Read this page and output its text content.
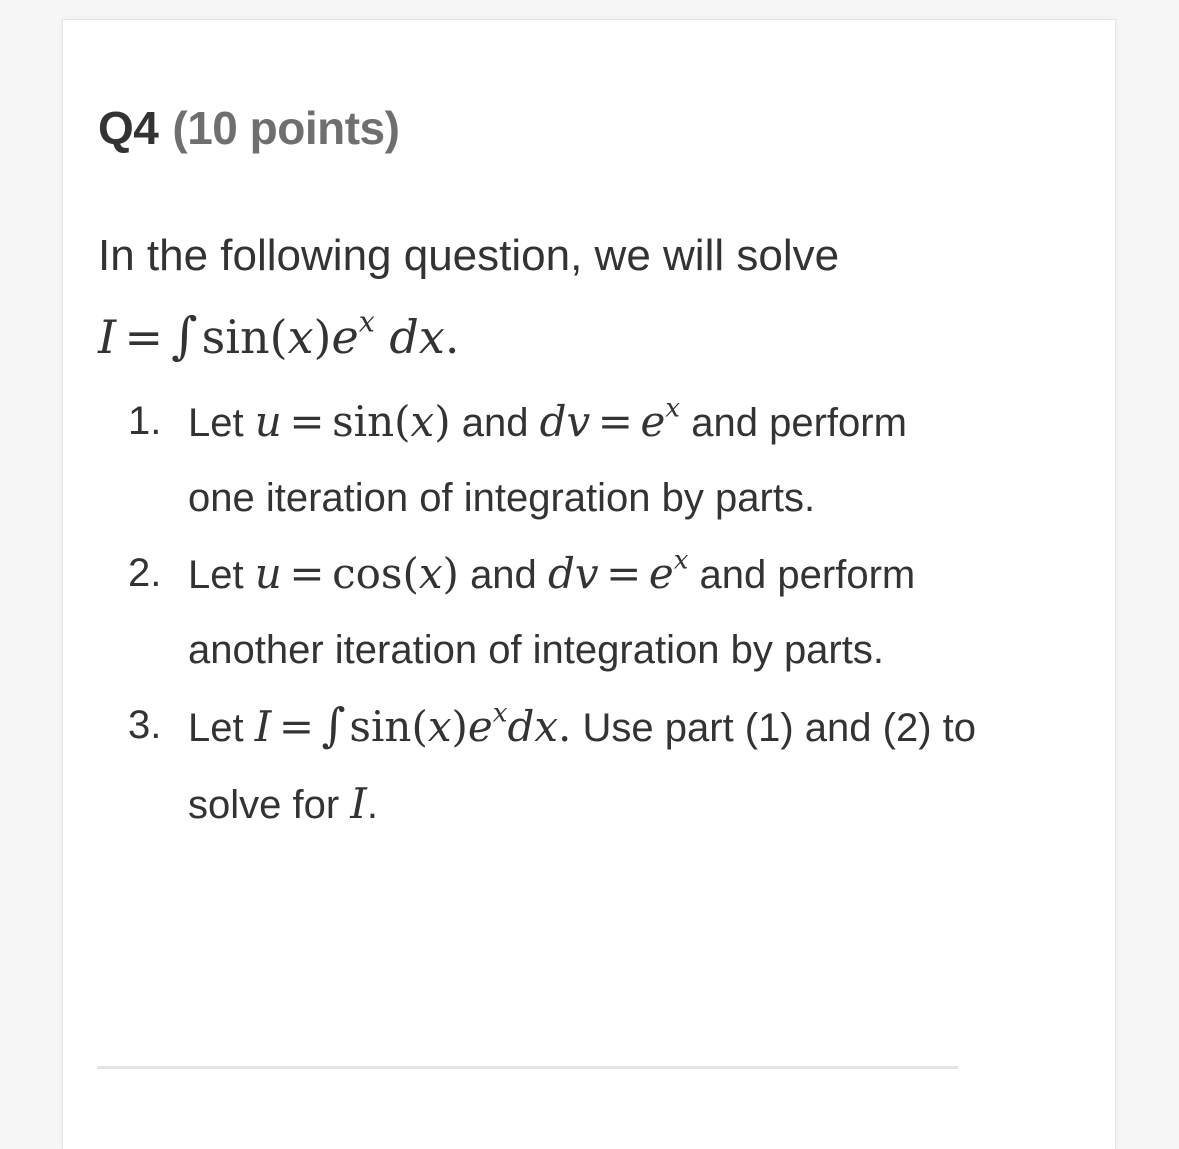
Q4 (10 points)
In the following question, we will solve
$I = \int\sin(x)e^x$ dx.
1. Let u = sin(x) and dv = $e^x$ and perform one iteration of integration by parts.
2. Let u = cos(x) and dv = $e^x$ and perform another iteration of integration by parts.
3. Let $I = \int\sin(x)e^xdx$. Use part (1) and (2) to solve for I.
